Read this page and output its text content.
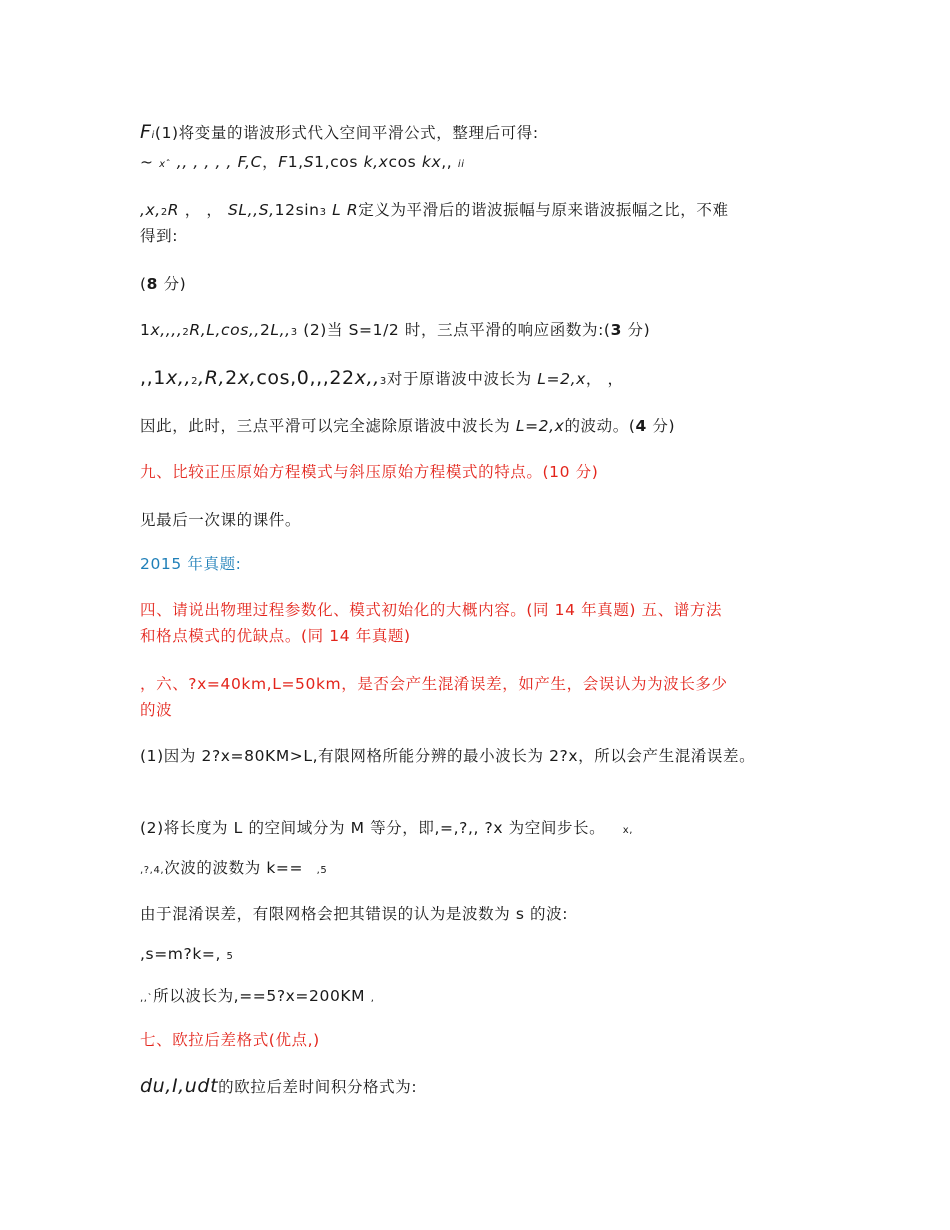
Fi(1)将变量的谐波形式代入空间平滑公式，整理后可得:
~ xˆ ,, , , , , F,C，F1,S1,cos k,xcos kx,, ii
,x,2R ， ， SL,,S,12sin3 L R定义为平滑后的谐波振幅与原来谐波振幅之比，不难
得到:
(8 分)
1x,,,,2R,L,cos,,2L,,3 (2)当 S=1/2 时，三点平滑的响应函数为:(3 分)
,,1x,,2,R,2x,cos,0,,,22x,,3对于原谐波中波长为 L=2,x， ，
因此，此时，三点平滑可以完全滤除原谐波中波长为 L=2,x的波动。(4 分)
九、比较正压原始方程模式与斜压原始方程模式的特点。(10 分)
见最后一次课的课件。
2015 年真题:
四、请说出物理过程参数化、模式初始化的大概内容。(同 14 年真题) 五、谱方法
和格点模式的优缺点。(同 14 年真题)
，六、?x=40km,L=50km，是否会产生混淆误差，如产生，会误认为为波长多少
的波
(1)因为 2?x=80KM>L,有限网格所能分辨的最小波长为 2?x，所以会产生混淆误差。
(2)将长度为 L 的空间域分为 M 等分，即,=,?,, ?x 为空间步长。 x,
,?,4,次波的波数为 k== ,5
由于混淆误差，有限网格会把其错误的认为是波数为 s 的波:
,s=m?k=, 5
,,`所以波长为,==5?x=200KM ,
七、欧拉后差格式(优点,)
du,I,udt的欧拉后差时间积分格式为:
